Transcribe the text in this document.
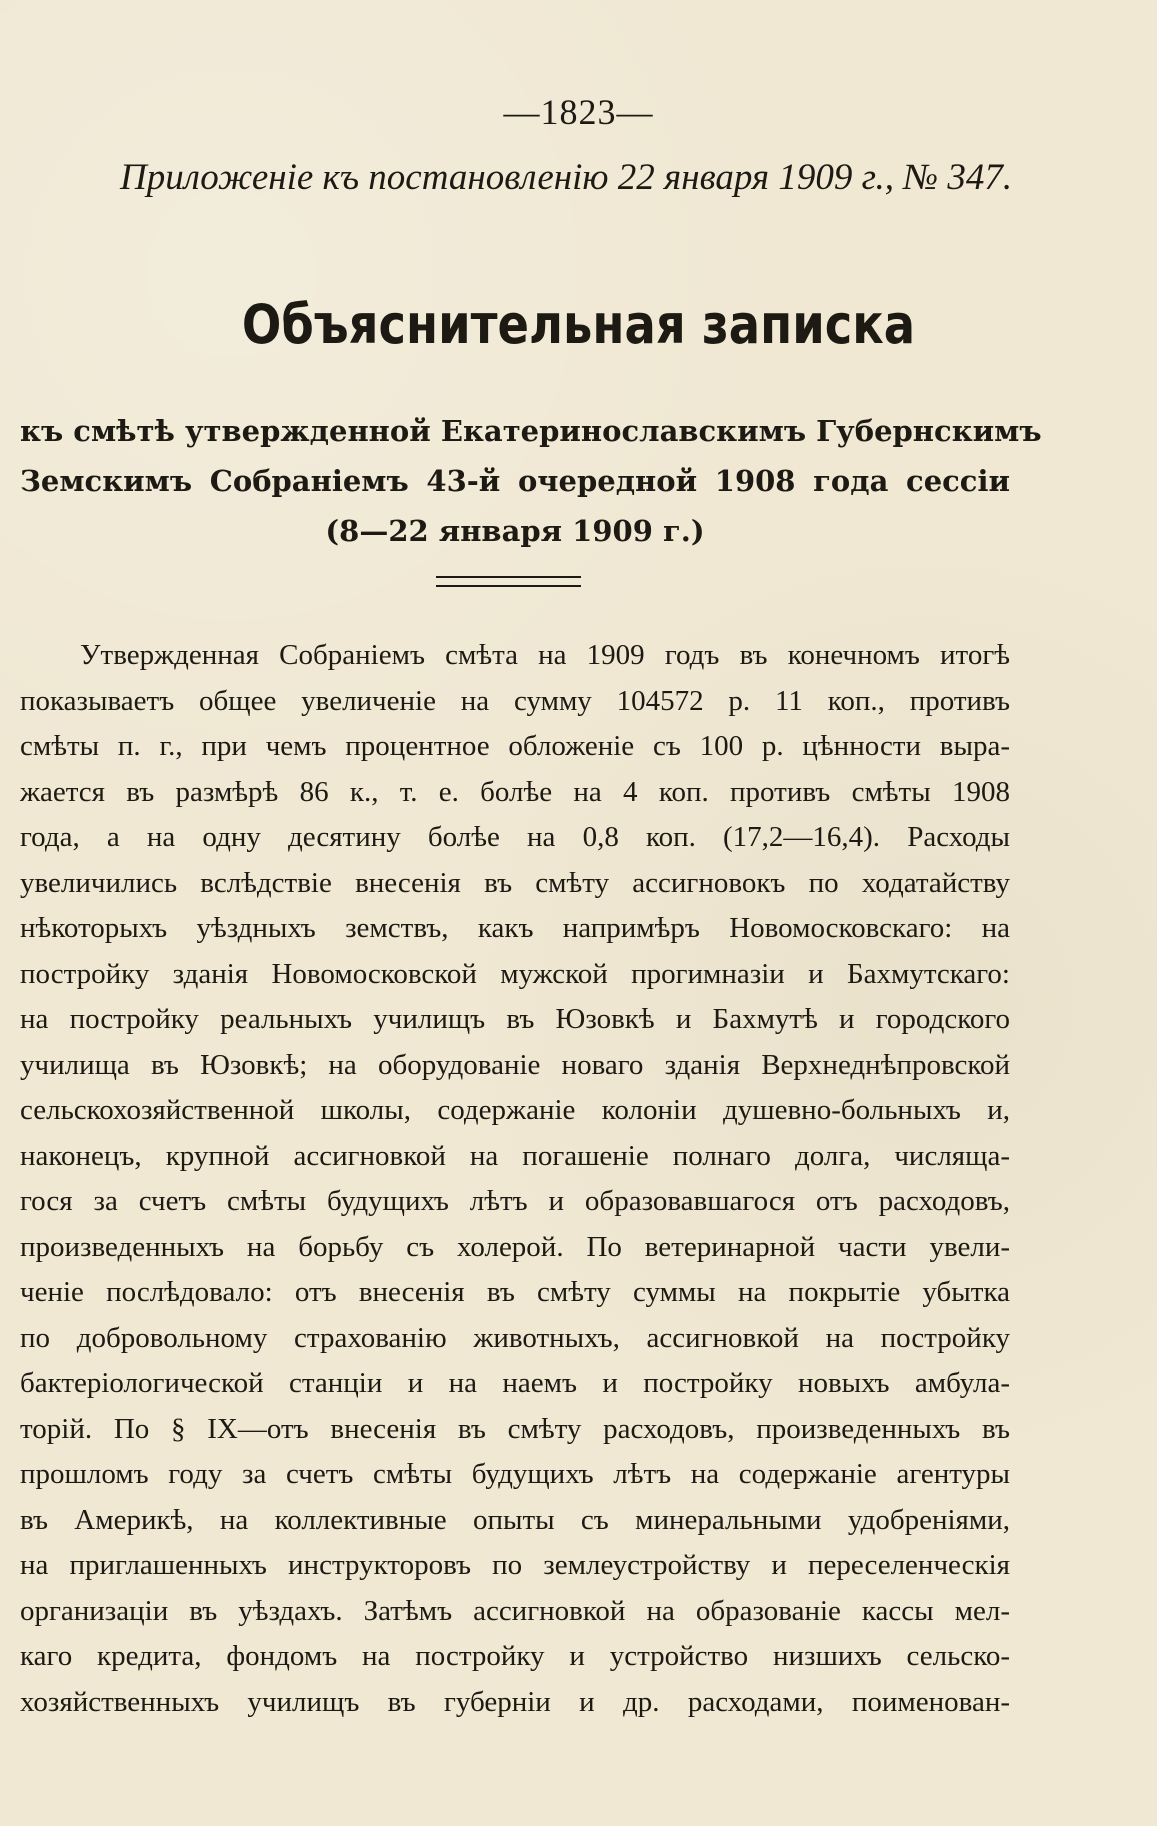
—1823—
Приложеніе къ постановленію 22 января 1909 г., № 347.
Объяснительная записка
къ смѣтѣ утвержденной Екатеринославскимъ Губернскимъ
Земскимъ Собраніемъ 43-й очередной 1908 года сессіи
(8—22 января 1909 г.)
Утвержденная Собраніемъ смѣта на 1909 годъ въ конечномъ итогѣ
показываетъ общее увеличеніе на сумму 104572 р. 11 коп., противъ
смѣты п. г., при чемъ процентное обложеніе съ 100 р. цѣнности выра-
жается въ размѣрѣ 86 к., т. е. болѣе на 4 коп. противъ смѣты 1908
года, а на одну десятину болѣе на 0,8 коп. (17,2—16,4). Расходы
увеличились вслѣдствіе внесенія въ смѣту ассигновокъ по ходатайству
нѣкоторыхъ уѣздныхъ земствъ, какъ напримѣръ Новомосковскаго: на
постройку зданія Новомосковской мужской прогимназіи и Бахмутскаго:
на постройку реальныхъ училищъ въ Юзовкѣ и Бахмутѣ и городского
училища въ Юзовкѣ; на оборудованіе новаго зданія Верхнеднѣпровской
сельскохозяйственной школы, содержаніе колоніи душевно-больныхъ и,
наконецъ, крупной ассигновкой на погашеніе полнаго долга, числяща-
гося за счетъ смѣты будущихъ лѣтъ и образовавшагося отъ расходовъ,
произведенныхъ на борьбу съ холерой. По ветеринарной части увели-
ченіе послѣдовало: отъ внесенія въ смѣту суммы на покрытіе убытка
по добровольному страхованію животныхъ, ассигновкой на постройку
бактеріологической станціи и на наемъ и постройку новыхъ амбула-
торій. По § IX—отъ внесенія въ смѣту расходовъ, произведенныхъ въ
прошломъ году за счетъ смѣты будущихъ лѣтъ на содержаніе агентуры
въ Америкѣ, на коллективные опыты съ минеральными удобреніями,
на приглашенныхъ инструкторовъ по землеустройству и переселенческія
организаціи въ уѣздахъ. Затѣмъ ассигновкой на образованіе кассы мел-
каго кредита, фондомъ на постройку и устройство низшихъ сельско-
хозяйственныхъ училищъ въ губерніи и др. расходами, поименован-
